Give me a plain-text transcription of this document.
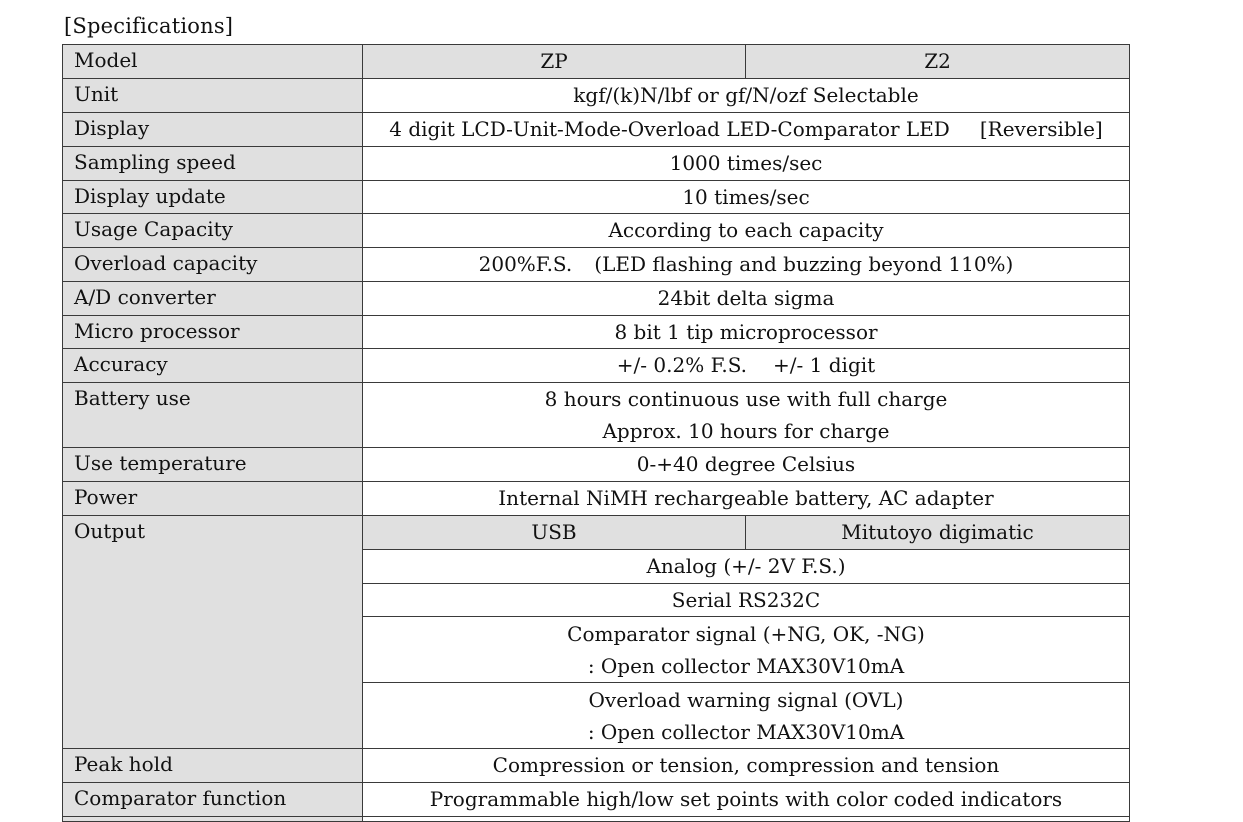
[Specifications]
Model	ZP	Z2
Unit	kgf/(k)N/lbf or gf/N/ozf Selectable	
Display	4 digit LCD-Unit-Mode-Overload LED-Comparator LED [Reversible]	
Sampling speed	1000 times/sec	
Display update	10 times/sec	
Usage Capacity	According to each capacity	
Overload capacity	200%F.S. (LED flashing and buzzing beyond 110%)	
A/D converter	24bit delta sigma	
Micro processor	8 bit 1 tip microprocessor	
Accuracy	+/- 0.2% F.S. +/- 1 digit	
Battery use	8 hours continuous use with full charge
Approx. 10 hours for charge	

Use temperature	0-+40 degree Celsius	
Power	Internal NiMH rechargeable battery, AC adapter	
Output	USB	Mitutoyo digimatic
	Analog (+/- 2V F.S.)	
	Serial RS232C	

	Comparator signal (+NG, OK, -NG)
: Open collector MAX30V10mA	

	Overload warning signal (OVL)
: Open collector MAX30V10mA	

Peak hold	Compression or tension, compression and tension	
Comparator function	Programmable high/low set points with color coded indicators	
